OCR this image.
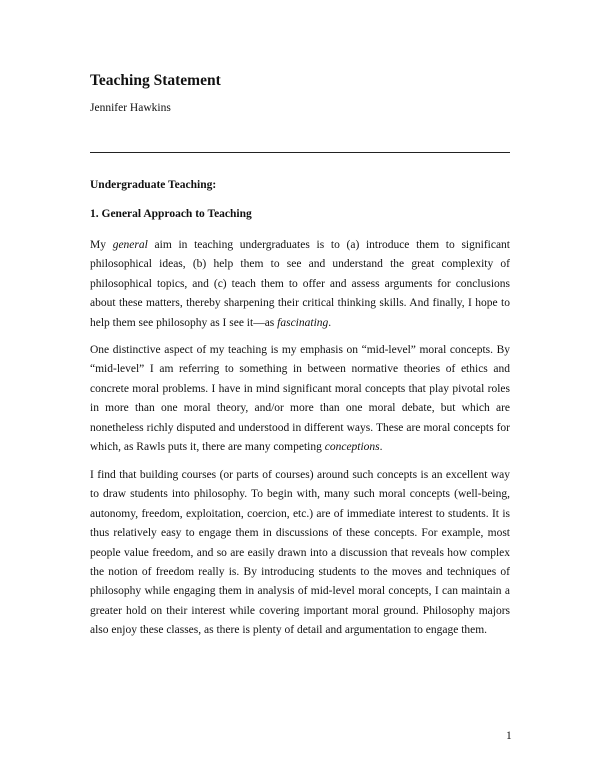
Teaching Statement
Jennifer Hawkins
Undergraduate Teaching:
1. General Approach to Teaching

My general aim in teaching undergraduates is to (a) introduce them to significant philosophical ideas, (b) help them to see and understand the great complexity of philosophical topics, and (c) teach them to offer and assess arguments for conclusions about these matters, thereby sharpening their critical thinking skills. And finally, I hope to help them see philosophy as I see it—as fascinating.

One distinctive aspect of my teaching is my emphasis on “mid-level” moral concepts. By “mid-level” I am referring to something in between normative theories of ethics and concrete moral problems. I have in mind significant moral concepts that play pivotal roles in more than one moral theory, and/or more than one moral debate, but which are nonetheless richly disputed and understood in different ways. These are moral concepts for which, as Rawls puts it, there are many competing conceptions.

I find that building courses (or parts of courses) around such concepts is an excellent way to draw students into philosophy. To begin with, many such moral concepts (well-being, autonomy, freedom, exploitation, coercion, etc.) are of immediate interest to students. It is thus relatively easy to engage them in discussions of these concepts. For example, most people value freedom, and so are easily drawn into a discussion that reveals how complex the notion of freedom really is. By introducing students to the moves and techniques of philosophy while engaging them in analysis of mid-level moral concepts, I can maintain a greater hold on their interest while covering important moral ground. Philosophy majors also enjoy these classes, as there is plenty of detail and argumentation to engage them.

1
